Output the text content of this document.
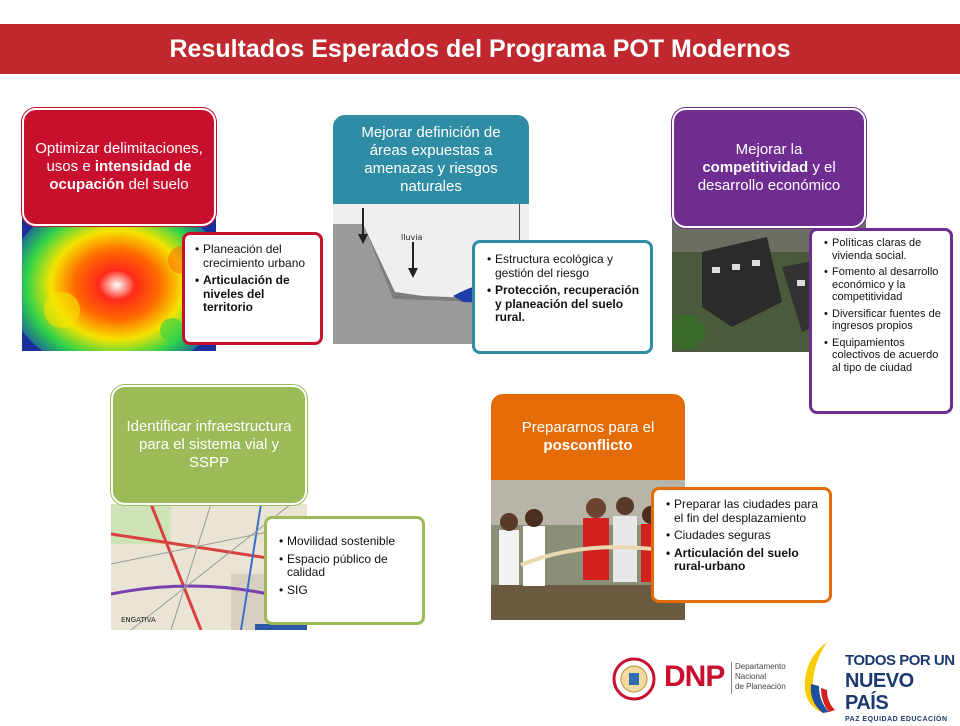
Resultados Esperados del Programa POT Modernos
Optimizar delimitaciones, usos e intensidad de ocupación del suelo
• Planeación del crecimiento urbano
• Articulación de niveles del territorio
lluvia
Mejorar definición de áreas expuestas a amenazas y riesgos naturales
• Estructura ecológica y gestión del riesgo
• Protección, recuperación y planeación del suelo rural.
Mejorar la competitividad y el desarrollo económico
• Políticas claras de vivienda social.
• Fomento al desarrollo económico y la competitividad
• Diversificar fuentes de ingresos propios
• Equipamientos colectivos de acuerdo al tipo de ciudad
ENGATIVA
Identificar infraestructura para el sistema vial y SSPP
• Movilidad sostenible
• Espacio público de calidad
• SIG
Prepararnos para el posconflicto
• Preparar las ciudades para el fin del desplazamiento
• Ciudades seguras
• Articulación del suelo rural-urbano
DNP Departamento
Nacional
de Planeación
TODOS POR UN
NUEVO PAÍS
PAZ EQUIDAD EDUCACIÓN
